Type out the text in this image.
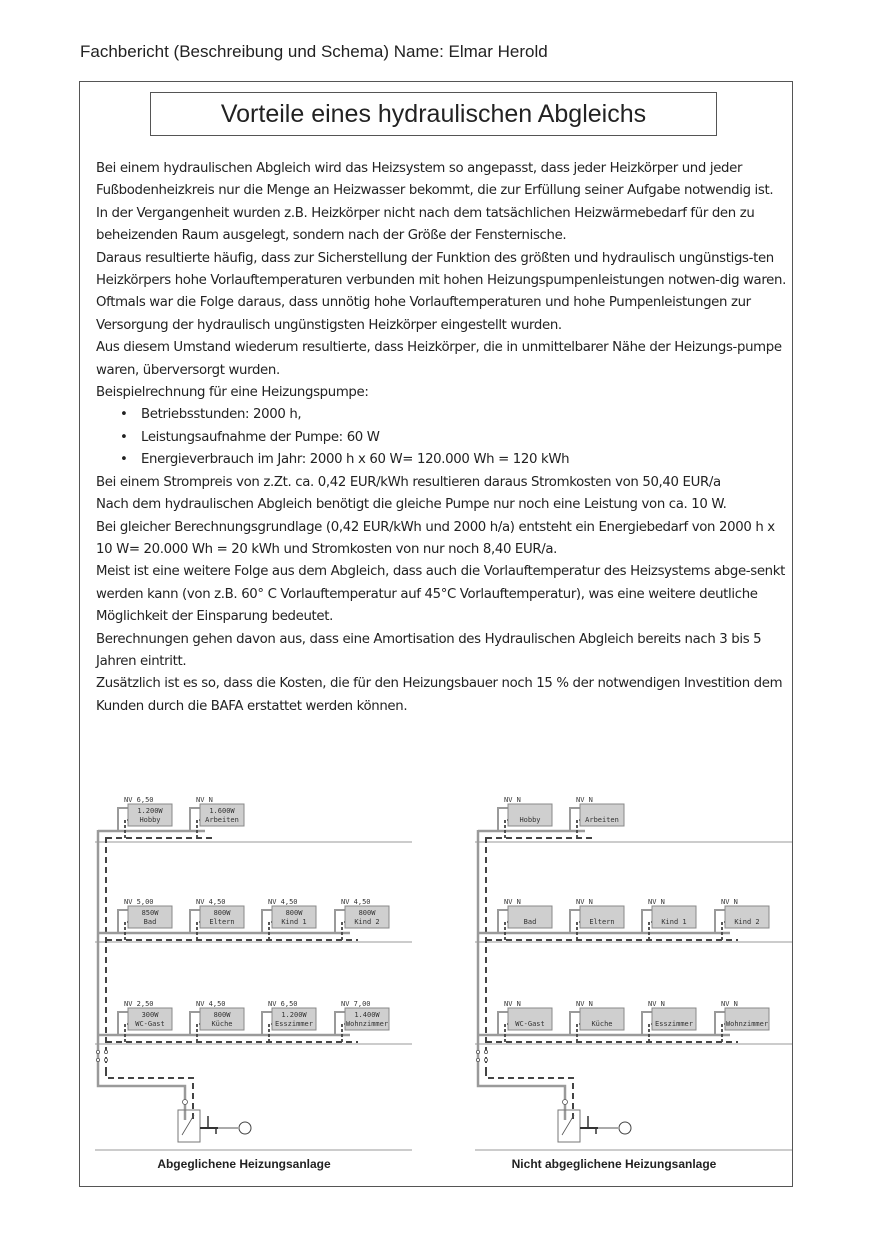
Fachbericht (Beschreibung und Schema) Name: Elmar Herold
Vorteile eines hydraulischen Abgleichs

Bei einem hydraulischen Abgleich wird das Heizsystem so angepasst, dass jeder Heizkörper und jeder Fußbodenheizkreis nur die Menge an Heizwasser bekommt, die zur Erfüllung seiner Aufgabe notwendig ist.

In der Vergangenheit wurden z.B. Heizkörper nicht nach dem tatsächlichen Heizwärmebedarf für den zu beheizenden Raum ausgelegt, sondern nach der Größe der Fensternische.

Daraus resultierte häufig, dass zur Sicherstellung der Funktion des größten und hydraulisch ungünstigs-ten Heizkörpers hohe Vorlauftemperaturen verbunden mit hohen Heizungspumpenleistungen notwen-dig waren.

Oftmals war die Folge daraus, dass unnötig hohe Vorlauftemperaturen und hohe Pumpenleistungen zur Versorgung der hydraulisch ungünstigsten Heizkörper eingestellt wurden.

Aus diesem Umstand wiederum resultierte, dass Heizkörper, die in unmittelbarer Nähe der Heizungs-pumpe waren, überversorgt wurden.

Beispielrechnung für eine Heizungspumpe:

• Betriebsstunden: 2000 h,
• Leistungsaufnahme der Pumpe: 60 W
• Energieverbrauch im Jahr: 2000 h x 60 W= 120.000 Wh = 120 kWh

Bei einem Strompreis von z.Zt. ca. 0,42 EUR/kWh resultieren daraus Stromkosten von 50,40 EUR/a

Nach dem hydraulischen Abgleich benötigt die gleiche Pumpe nur noch eine Leistung von ca. 10 W.

Bei gleicher Berechnungsgrundlage (0,42 EUR/kWh und 2000 h/a) entsteht ein Energiebedarf von 2000 h x 10 W= 20.000 Wh = 20 kWh und Stromkosten von nur noch 8,40 EUR/a.

Meist ist eine weitere Folge aus dem Abgleich, dass auch die Vorlauftemperatur des Heizsystems abge-senkt werden kann (von z.B. 60° C Vorlauftemperatur auf 45°C Vorlauftemperatur), was eine weitere deutliche Möglichkeit der Einsparung bedeutet.

Berechnungen gehen davon aus, dass eine Amortisation des Hydraulischen Abgleich bereits nach 3 bis 5 Jahren eintritt.

Zusätzlich ist es so, dass die Kosten, die für den Heizungsbauer noch 15 % der notwendigen Investition dem Kunden durch die BAFA erstattet werden können.

NV 6,50
1.200W
Hobby
NV N
1.600W
Arbeiten
NV 5,00
850W
Bad
NV 4,50
800W
Eltern
NV 4,50
800W
Kind 1
NV 4,50
800W
Kind 2
NV 2,50
300W
WC-Gast
NV 4,50
800W
Küche
NV 6,50
1.200W
Esszimmer
NV 7,00
1.400W
Wohnzimmer
Abgeglichene Heizungsanlage
NV N
Hobby
NV N
Arbeiten
NV N
Bad
NV N
Eltern
NV N
Kind 1
NV N
Kind 2
NV N
WC-Gast
NV N
Küche
NV N
Esszimmer
NV N
Wohnzimmer
Nicht abgeglichene Heizungsanlage
